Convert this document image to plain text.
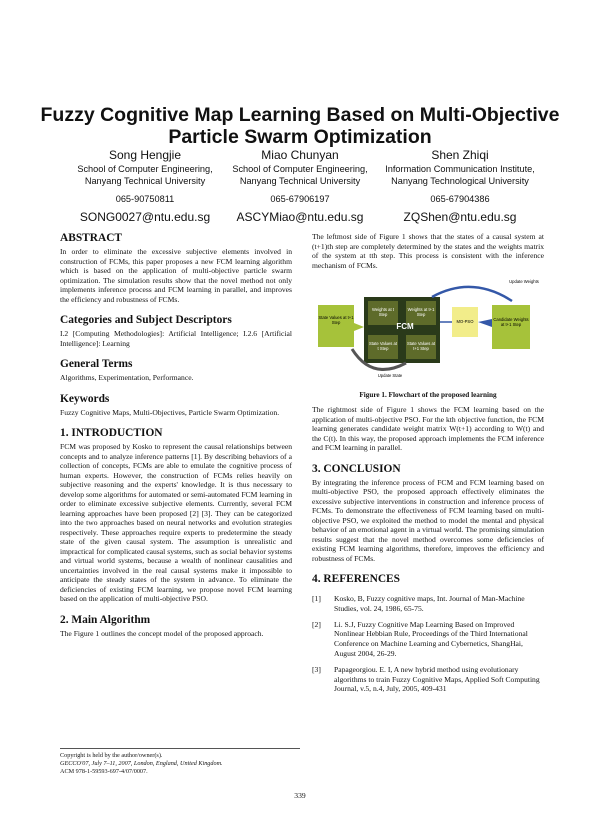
Fuzzy Cognitive Map Learning Based on Multi-Objective Particle Swarm Optimization
Song Hengjie
School of Computer Engineering,
Nanyang Technical University
065-90750811
SONG0027@ntu.edu.sg
Miao Chunyan
School of Computer Engineering,
Nanyang Technical University
065-67906197
ASCYMiao@ntu.edu.sg
Shen Zhiqi
Information Communication Institute,
Nanyang Technological University
065-67904386
ZQShen@ntu.edu.sg
ABSTRACT

In order to eliminate the excessive subjective elements involved in construction of FCMs, this paper proposes a new FCM learning algorithm which is based on the application of multi-objective particle swarm optimization. The simulation results show that the novel method not only implements inference process and FCM learning in parallel, and improves the efficiency and robustness of FCMs.

Categories and Subject Descriptors

I.2 [Computing Methodologies]: Artificial Intelligence; I.2.6 [Artificial Intelligence]: Learning

General Terms

Algorithms, Experimentation, Performance.

Keywords

Fuzzy Cognitive Maps, Multi-Objectives, Particle Swarm Optimization.

1. INTRODUCTION

FCM was proposed by Kosko to represent the causal relationships between concepts and to analyze inference patterns [1]. By describing behaviors of a collection of concepts, FCMs are able to emulate the cognitive process of human experts. However, the construction of FCMs relies heavily on subjective reasoning and the experts' knowledge. It is thus necessary to develop some algorithms for automated or semi-automated FCM learning in order to eliminate excessive subjective elements. Currently, several FCM learning approaches have been proposed [2] [3]. They can be categorized into the two approaches based on neural networks and evolution strategies respectively. These approaches require experts to predetermine the steady state of the given causal system. The assumption is unrealistic and impractical for complicated causal systems, such as social behavior systems and virtual world systems, because a wealth of nonlinear causalities and uncertainties involved in the real causal systems make it impossible to anticipate the steady states of the system in advance. To eliminate the deficiencies of existing FCM learning, we propose novel FCM learning based on the application of multi-objective PSO.

2. Main Algorithm

The Figure 1 outlines the concept model of the proposed approach.

The leftmost side of Figure 1 shows that the states of a causal system at (t+1)th step are completely determined by the states and the weights matrix of the system at tth step. This process is consistent with the inference mechanism of FCMs.

State Values at t+1 Step	FCM
Weights at t Step
Weights at t+1 Step
State Values at t Step
State Values at t+1 Step
MO-PSO	Candidate Weights at t+1 Step
Update State
Update Weights
Figure 1. Flowchart of the proposed learning

The rightmost side of Figure 1 shows the FCM learning based on the application of multi-objective PSO. For the kth objective function, the FCM learning generates candidate weight matrix W(t+1) according to W(t) and the C(t). In this way, the proposed approach implements the FCM inference and FCM learning in parallel.

3. CONCLUSION

By integrating the inference process of FCM and FCM learning based on multi-objective PSO, the proposed approach effectively eliminates the excessive subjective interventions in construction and inference process of FCMs. To demonstrate the effectiveness of FCM learning based on multi-objective PSO, we exploited the method to model the mental and physical behavior of an emotional agent in a virtual world. The promising simulation results suggest that the novel method overcomes some deficiencies of existing FCM learning algorithms, therefore, improves the efficiency and robustness of FCMs.

4. REFERENCES
[1]	Kosko, B, Fuzzy cognitive maps, Int. Journal of Man-Machine Studies, vol. 24, 1986, 65-75.
[2]	Li. S.J, Fuzzy Cognitive Map Learning Based on Improved Nonlinear Hebbian Rule, Proceedings of the Third International Conference on Machine Learning and Cybernetics, ShangHai, August 2004, 26-29.
[3]	Papageorgiou. E. I, A new hybrid method using evolutionary algorithms to train Fuzzy Cognitive Maps, Applied Soft Computing Journal, v.5, n.4, July, 2005, 409-431
Copyright is held by the author/owner(s).
GECCO'07, July 7–11, 2007, London, England, United Kingdom.
ACM 978-1-59593-697-4/07/0007.
339
